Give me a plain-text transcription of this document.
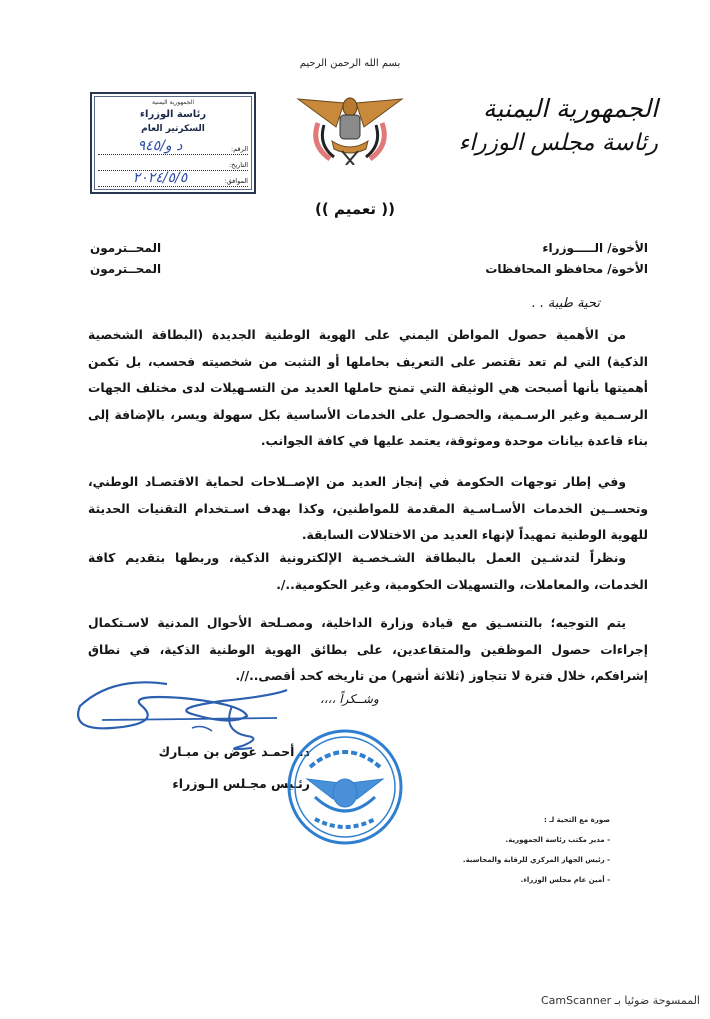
بسم الله الرحمن الرحيم
الجمهورية اليمنية
رئاسة مجلس الوزراء
الجمهورية اليمنية
رئاسة الوزراء
السكرتير العام
الرقم:
د و/٩٤٥
التاريخ:
الموافق:
٢٠٢٤/٥/٥
(( تعميم ))
الأخوة/ الـــــوزراء
المحــترمون
الأخوة/ محافظو المحافظات
المحــترمون
تحية طيبة . .

من الأهمية حصول المواطن اليمني على الهوية الوطنية الجديدة (البطاقة الشخصية الذكية) التي لم تعد تقتصر على التعريف بحاملها أو التثبت من شخصيته فحسب، بل تكمن أهميتها بأنها أصبحت هي الوثيقة التي تمنح حاملها العديد من التسـهيلات لدى مختلف الجهات الرسـمية وغير الرسـمية، والحصـول على الخدمات الأساسية بكل سهولة ويسر، بالإضافة إلى بناء قاعدة بيانات موحدة وموثوقة، يعتمد عليها في كافة الجوانب.

وفي إطار توجهات الحكومة في إنجاز العديد من الإصــلاحات لحماية الاقتصـاد الوطني، وتحســين الخدمات الأسـاسـية المقدمة للمواطنين، وكذا بهدف اسـتخدام التقنيات الحديثة للهوية الوطنية تمهيداً لإنهاء العديد من الاختلالات السابقة.

ونظراً لتدشـين العمل بالبطاقة الشـخصـية الإلكترونية الذكية، وربطها بتقديم كافة الخدمات، والمعاملات، والتسهيلات الحكومية، وغير الحكومية../.

يتم التوجيه؛ بالتنسـيق مع قيادة وزارة الداخلية، ومصـلحة الأحوال المدنية لاسـتكمال إجراءات حصول الموظفين والمتقاعدين، على بطائق الهوية الوطنية الذكية، في نطاق إشرافكم، خلال فترة لا تتجاوز (ثلاثة أشهر) من تاريخه كحد أقصى..//.

وشــكراً ،،،،
د. أحمـد عوض بن مبـارك
رئـيس مجـلس الـوزراء
صورة مع التحية لـ :
- مدير مكتب رئاسة الجمهورية.
- رئيس الجهاز المركزي للرقابة والمحاسبة.
- أمين عام مجلس الوزراء.
الممسوحة ضوئيا بـ CamScanner
